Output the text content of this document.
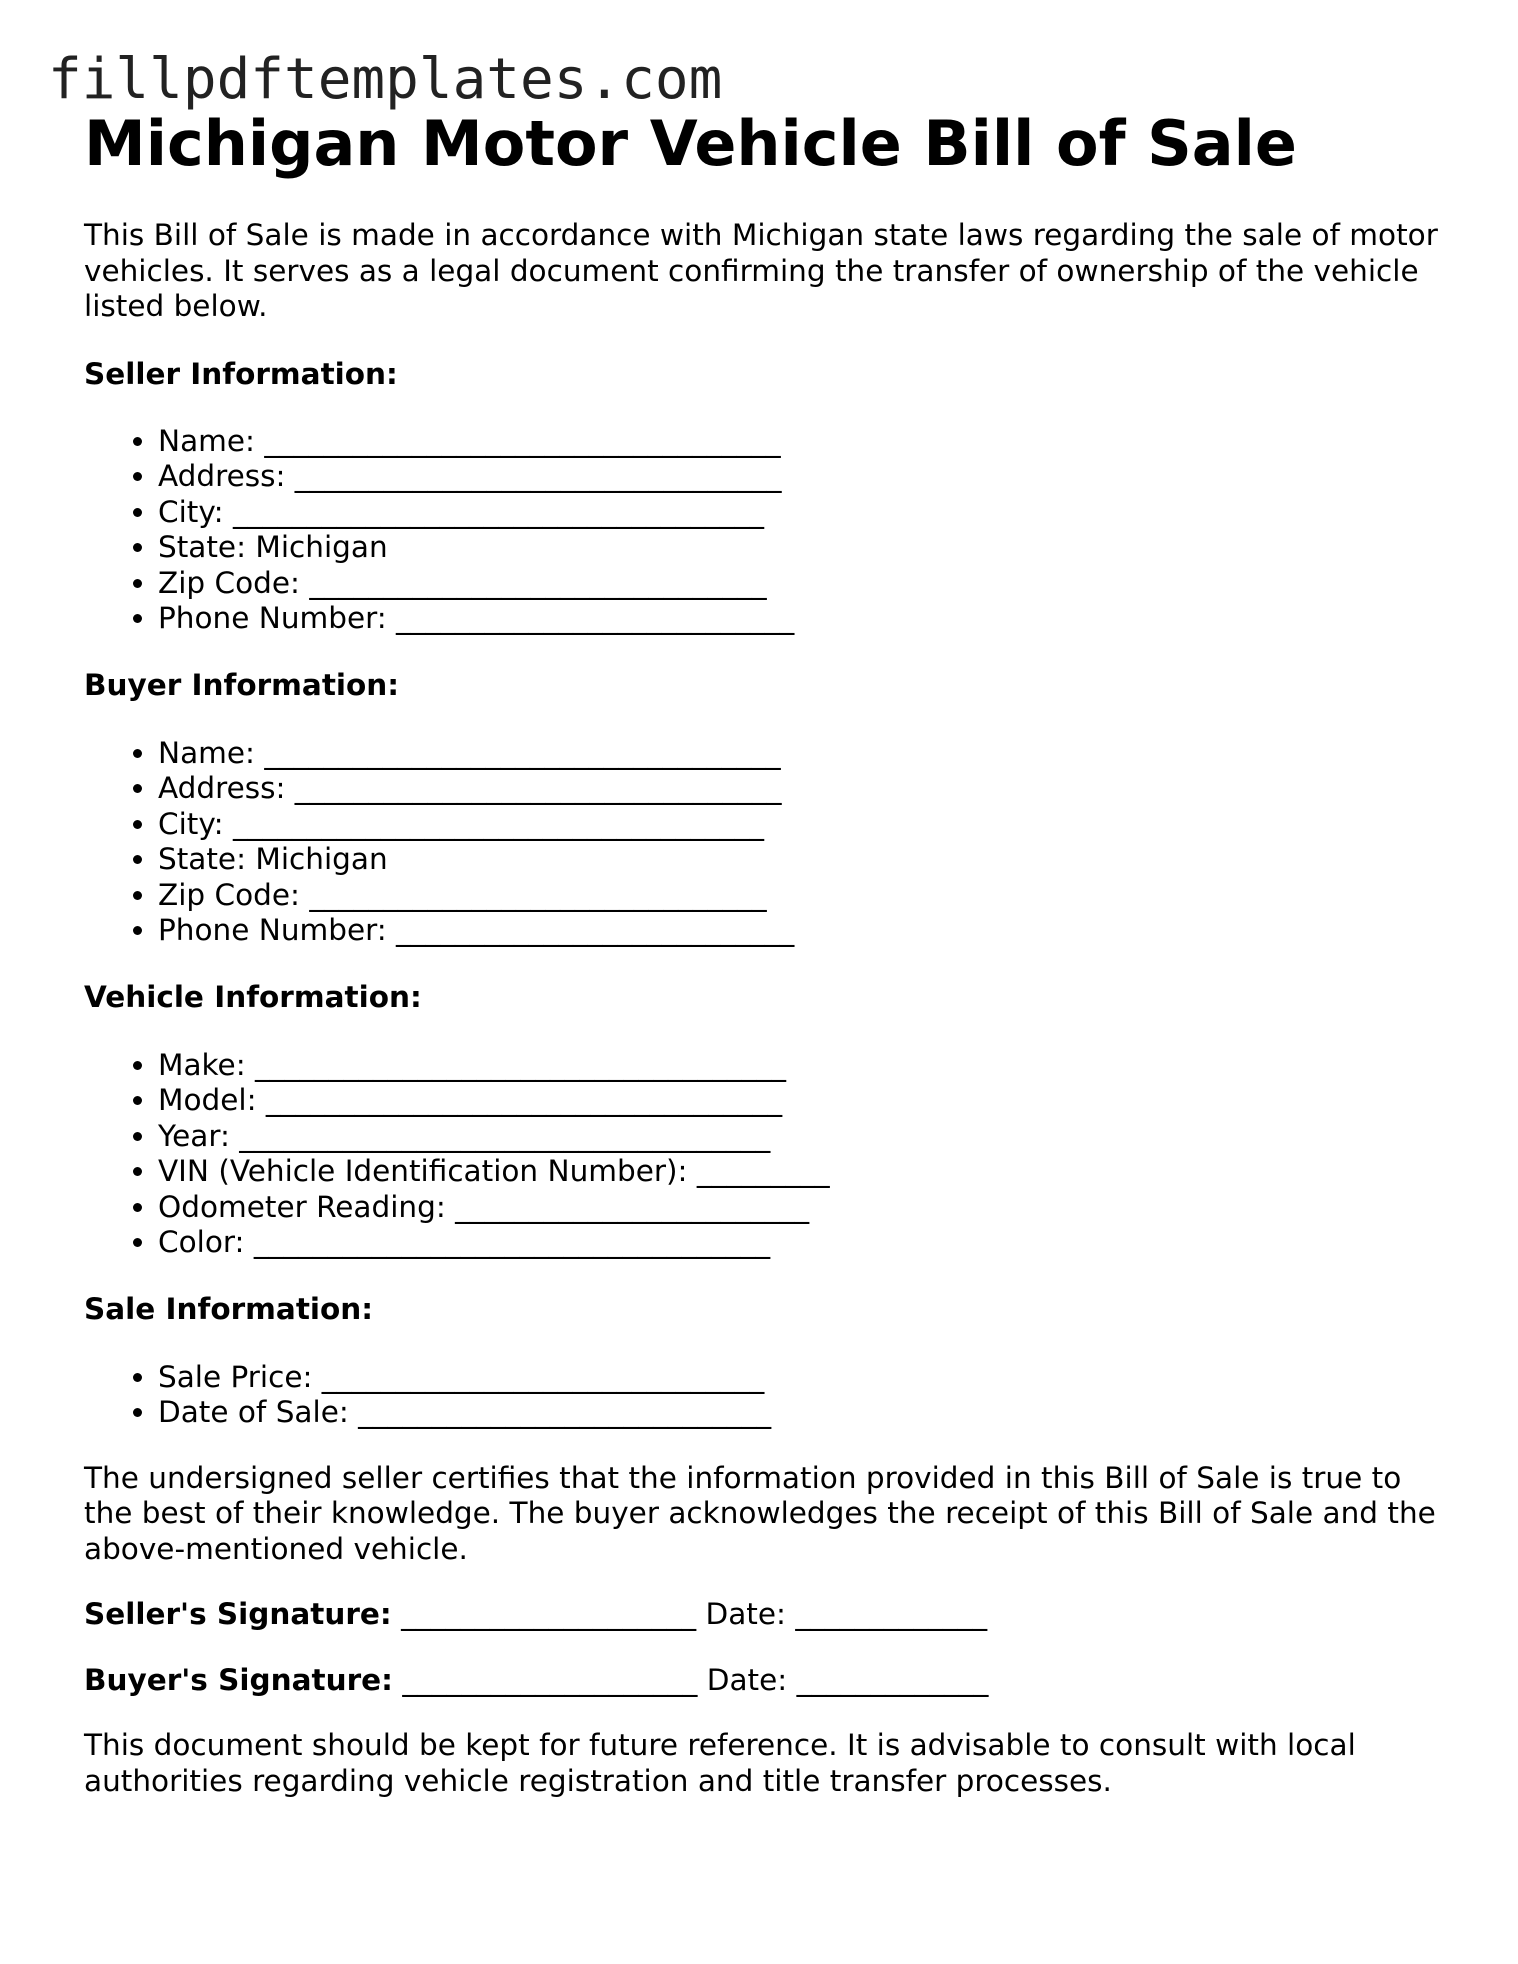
fillpdftemplates.com
Michigan Motor Vehicle Bill of Sale

This Bill of Sale is made in accordance with Michigan state laws regarding the sale of motor vehicles. It serves as a legal document confirming the transfer of ownership of the vehicle listed below.

Seller Information:
• Name: ___________________________________
• Address: _________________________________
• City: ____________________________________
• State: Michigan
• Zip Code: _______________________________
• Phone Number: ___________________________
Buyer Information:
• Name: ___________________________________
• Address: _________________________________
• City: ____________________________________
• State: Michigan
• Zip Code: _______________________________
• Phone Number: ___________________________
Vehicle Information:
• Make: ____________________________________
• Model: ___________________________________
• Year: ____________________________________
• VIN (Vehicle Identification Number): _________
• Odometer Reading: ________________________
• Color: ___________________________________
Sale Information:
• Sale Price: ______________________________
• Date of Sale: ____________________________

The undersigned seller certifies that the information provided in this Bill of Sale is true to the best of their knowledge. The buyer acknowledges the receipt of this Bill of Sale and the above-mentioned vehicle.

Seller's Signature: ____________________ Date: _____________

Buyer's Signature: ____________________ Date: _____________

This document should be kept for future reference. It is advisable to consult with local authorities regarding vehicle registration and title transfer processes.
